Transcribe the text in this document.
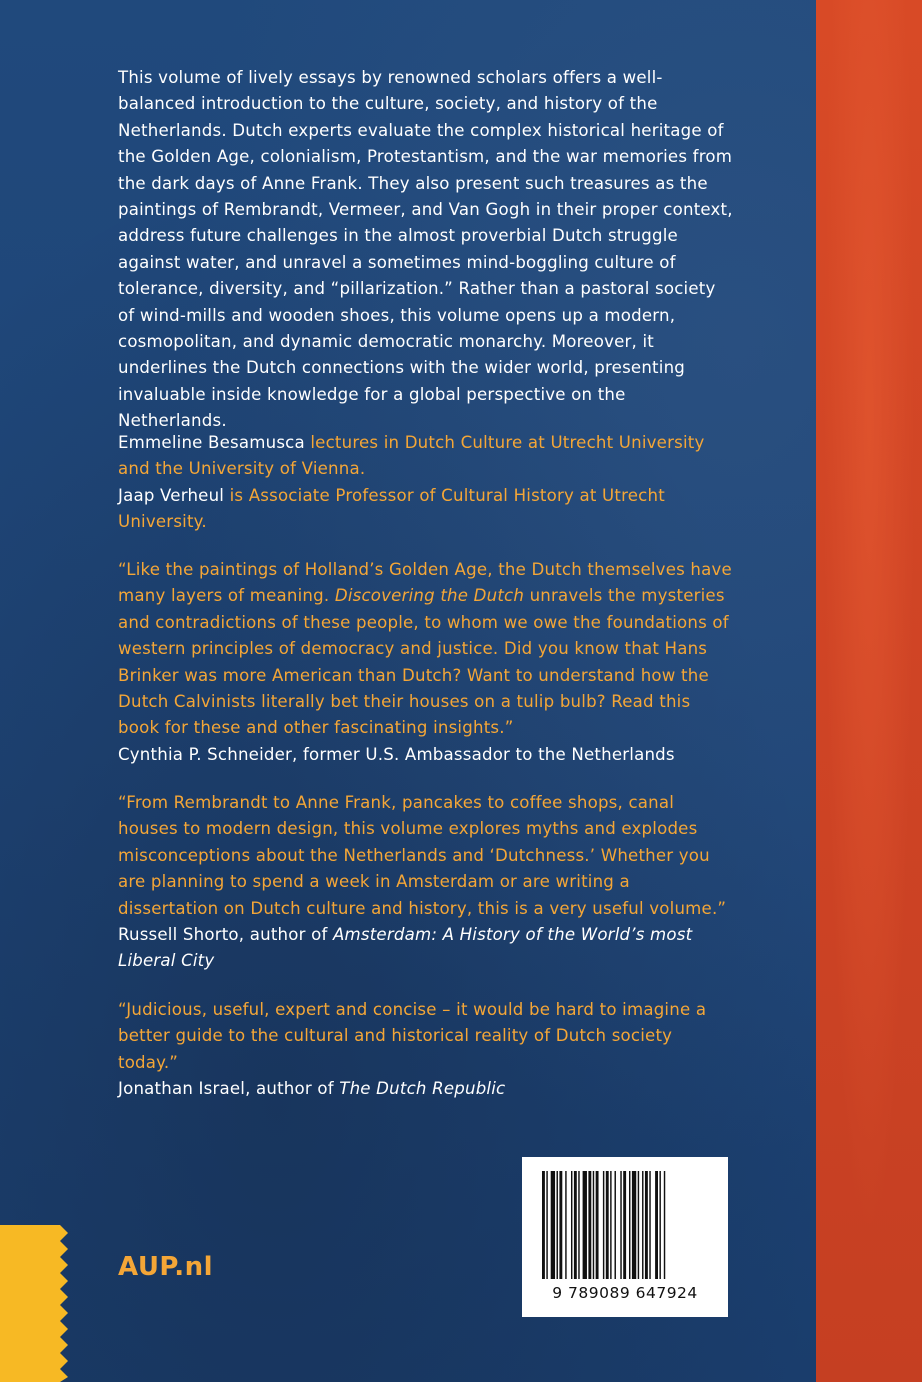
This volume of lively essays by renowned scholars offers a well-balanced introduction to the culture, society, and history of the Netherlands. Dutch experts evaluate the complex historical heritage of the Golden Age, colonialism, Protestantism, and the war memories from the dark days of Anne Frank. They also present such treasures as the paintings of Rembrandt, Vermeer, and Van Gogh in their proper context, address future challenges in the almost proverbial Dutch struggle against water, and unravel a sometimes mind-boggling culture of tolerance, diversity, and “pillarization.” Rather than a pastoral society of wind-mills and wooden shoes, this volume opens up a modern, cosmopolitan, and dynamic democratic monarchy. Moreover, it underlines the Dutch connections with the wider world, presenting invaluable inside knowledge for a global perspective on the Netherlands.

Emmeline Besamusca lectures in Dutch Culture at Utrecht University and the University of Vienna.

Jaap Verheul is Associate Professor of Cultural History at Utrecht University.

“Like the paintings of Holland’s Golden Age, the Dutch themselves have many layers of meaning. Discovering the Dutch unravels the mysteries and contradictions of these people, to whom we owe the foundations of western principles of democracy and justice. Did you know that Hans Brinker was more American than Dutch? Want to understand how the Dutch Calvinists literally bet their houses on a tulip bulb? Read this book for these and other fascinating insights.”

Cynthia P. Schneider, former U.S. Ambassador to the Netherlands

“From Rembrandt to Anne Frank, pancakes to coffee shops, canal houses to modern design, this volume explores myths and explodes misconceptions about the Netherlands and ‘Dutchness.’ Whether you are planning to spend a week in Amsterdam or are writing a dissertation on Dutch culture and history, this is a very useful volume.”

Russell Shorto, author of Amsterdam: A History of the World’s most Liberal City

“Judicious, useful, expert and concise – it would be hard to imagine a better guide to the cultural and historical reality of Dutch society today.”

Jonathan Israel, author of The Dutch Republic

AUP.nl
9 789089 647924
